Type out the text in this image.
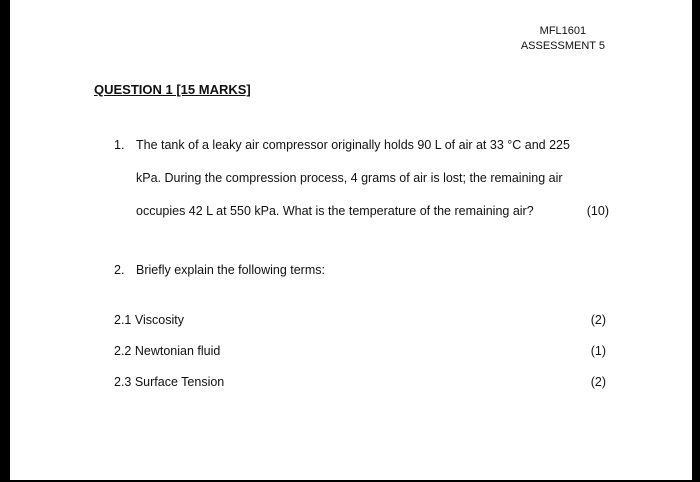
MFL1601
ASSESSMENT 5
QUESTION 1 [15 MARKS]
1. The tank of a leaky air compressor originally holds 90 L of air at 33 °C and 225
kPa. During the compression process, 4 grams of air is lost; the remaining air
occupies 42 L at 550 kPa. What is the temperature of the remaining air?	(10)
2. Briefly explain the following terms:
2.1 Viscosity	(2)
2.2 Newtonian fluid	(1)
2.3 Surface Tension	(2)
